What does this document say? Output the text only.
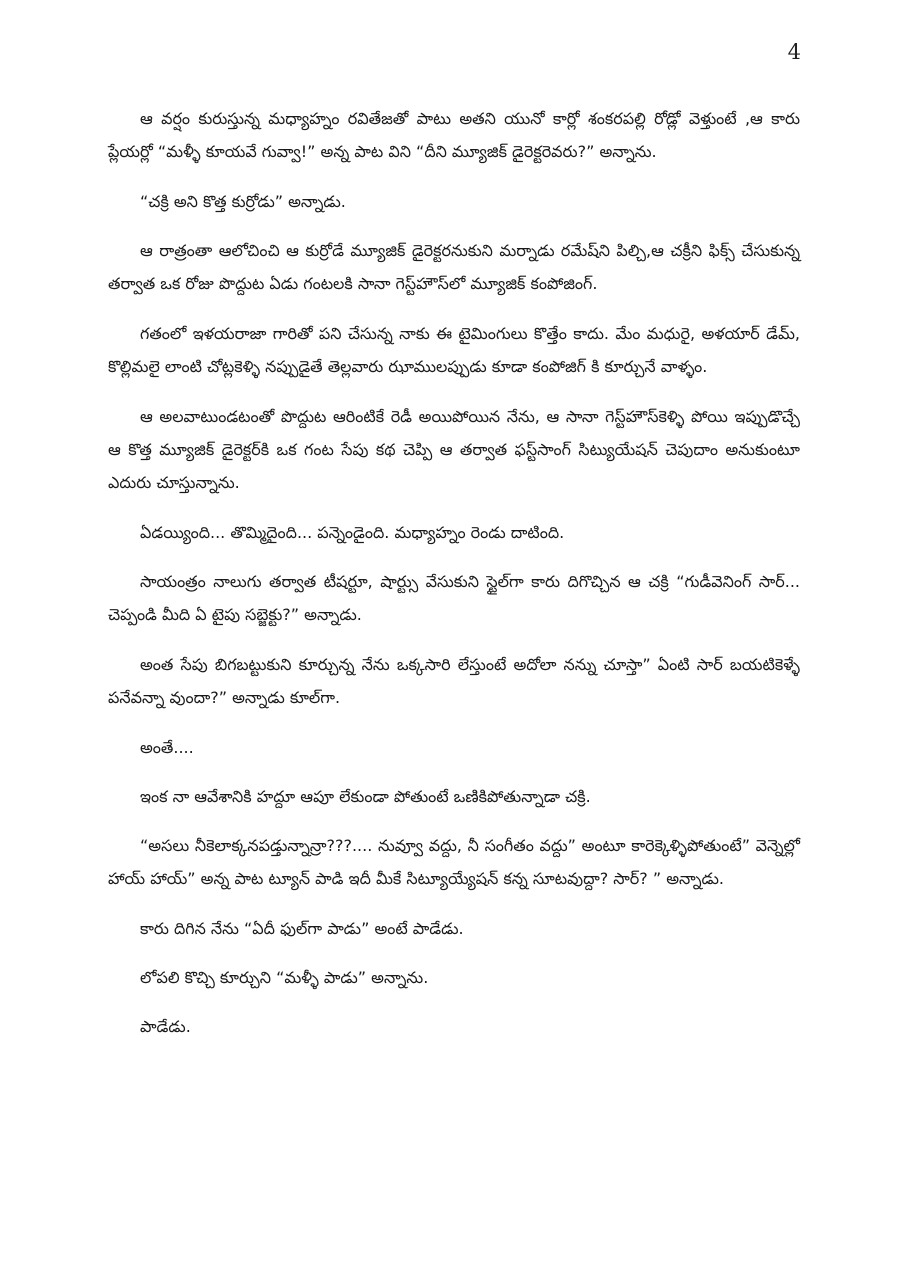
4

ఆ వర్షం కురుస్తున్న మధ్యాహ్నం రవితేజతో పాటు అతని యునో కార్లో శంకరపల్లి రోడ్లో వెళ్తుంటే ,ఆ కారు ప్లేయర్లో “మళ్ళీ కూయవే గువ్వా!” అన్న పాట విని “దీని మ్యూజిక్ డైరెక్టరెవరు?” అన్నాను.

“చక్రి అని కొత్త కుర్రోడు” అన్నాడు.

ఆ రాత్రంతా ఆలోచించి ఆ కుర్రోడే మ్యూజిక్ డైరెక్టరనుకుని మర్నాడు రమేష్‌ని పిల్చి,ఆ చక్రీని ఫిక్స్ చేసుకున్న తర్వాత ఒక రోజు పొద్దుట ఏడు గంటలకి సానా గెస్ట్‌హౌస్‌లో మ్యూజిక్ కంపోజింగ్.

గతంలో ఇళయరాజా గారితో పని చేసున్న నాకు ఈ టైమింగులు కొత్తేం కాదు. మేం మధురై, అళయార్ డేమ్, కొల్లిమలై లాంటి చోట్లకెళ్ళి నప్పుడైతే తెల్లవారు ఝాములప్పుడు కూడా కంపోజిగ్ కి కూర్చునే వాళ్ళం.

ఆ అలవాటుండటంతో పొద్దుట ఆరింటికే రెడీ అయిపోయిన నేను, ఆ సానా గెస్ట్‌హౌస్‌కెళ్ళి పోయి ఇప్పుడొచ్చే ఆ కొత్త మ్యూజిక్ డైరెక్టర్‌కి ఒక గంట సేపు కథ చెప్పి ఆ తర్వాత ఫస్ట్‌సాంగ్ సిట్యుయేషన్ చెపుదాం అనుకుంటూ ఎదురు చూస్తున్నాను.

ఏడయ్యింది... తొమ్మిదైంది... పన్నెండైంది. మధ్యాహ్నం రెండు దాటింది.

సాయంత్రం నాలుగు తర్వాత టీషర్టూ, షార్ట్సు వేసుకుని స్టైల్‌గా కారు దిగొచ్చిన ఆ చక్రి “గుడీవెనింగ్ సార్... చెప్పండి మీది ఏ టైపు సబ్జెక్టు?” అన్నాడు.

అంత సేపు బిగబట్టుకుని కూర్చున్న నేను ఒక్కసారి లేస్తుంటే అదోలా నన్ను చూస్తా” ఏంటి సార్ బయటికెళ్ళే పనేవన్నా వుందా?” అన్నాడు కూల్‌గా.

అంతే....

ఇంక నా ఆవేశానికి హద్దూ ఆపూ లేకుండా పోతుంటే ఒణికిపోతున్నాడా చక్రి.

“అసలు నీకెలాక్కనపడ్తున్నాన్రా???.... నువ్వూ వద్దు, నీ సంగీతం వద్దు” అంటూ కారెక్కెళ్ళిపోతుంటే” వెన్నెల్లో హాయ్ హాయ్” అన్న పాట ట్యూన్ పాడి ఇదీ మీకే సిట్యూయ్యేషన్ కన్న సూటవుద్దా? సార్? ” అన్నాడు.

కారు దిగిన నేను “ఏదీ ఫుల్‌గా పాడు” అంటే పాడేడు.

లోపలి కొచ్చి కూర్చుని “మళ్ళీ పాడు” అన్నాను.

పాడేడు.
